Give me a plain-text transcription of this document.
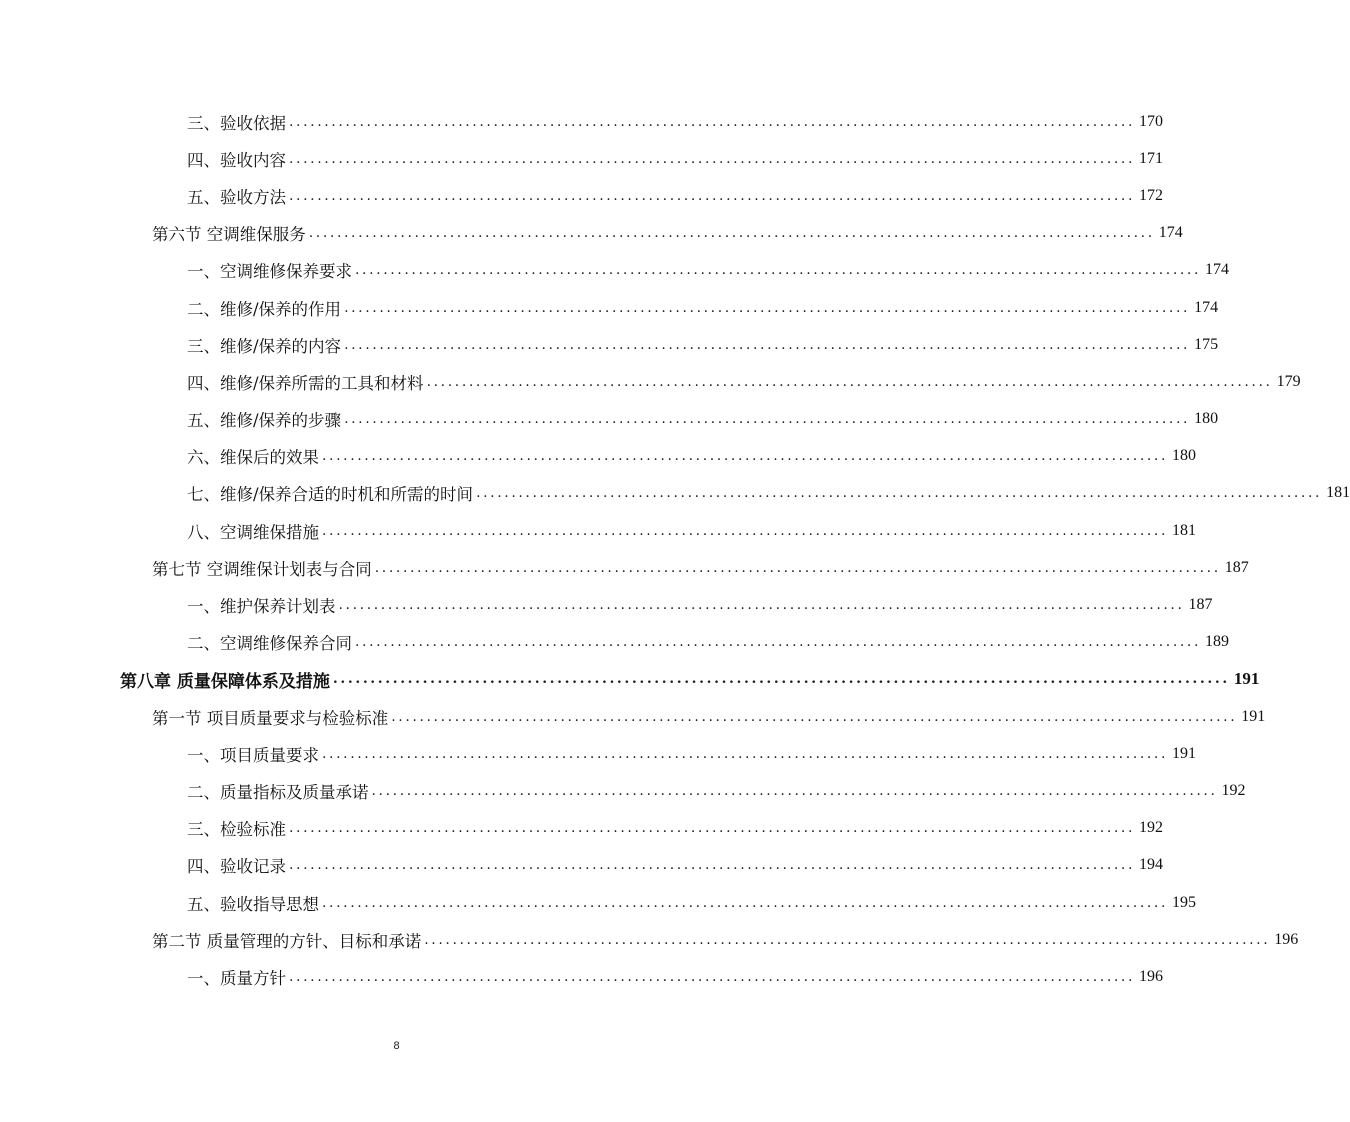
三、验收依据 ........................................................................................................................ 170
四、验收内容 ........................................................................................................................ 171
五、验收方法 ........................................................................................................................ 172
第六节 空调维保服务 ........................................................................................................................ 174
一、空调维修保养要求 ........................................................................................................................ 174
二、维修/保养的作用 ........................................................................................................................ 174
三、维修/保养的内容 ........................................................................................................................ 175
四、维修/保养所需的工具和材料 ........................................................................................................................ 179
五、维修/保养的步骤 ........................................................................................................................ 180
六、维保后的效果 ........................................................................................................................ 180
七、维修/保养合适的时机和所需的时间 ........................................................................................................................ 181
八、空调维保措施 ........................................................................................................................ 181
第七节 空调维保计划表与合同 ........................................................................................................................ 187
一、维护保养计划表 ........................................................................................................................ 187
二、空调维修保养合同 ........................................................................................................................ 189
第八章 质量保障体系及措施 ........................................................................................................................ 191
第一节 项目质量要求与检验标准 ........................................................................................................................ 191
一、项目质量要求 ........................................................................................................................ 191
二、质量指标及质量承诺 ........................................................................................................................ 192
三、检验标准 ........................................................................................................................ 192
四、验收记录 ........................................................................................................................ 194
五、验收指导思想 ........................................................................................................................ 195
第二节 质量管理的方针、目标和承诺 ........................................................................................................................ 196
一、质量方针 ........................................................................................................................ 196
8
